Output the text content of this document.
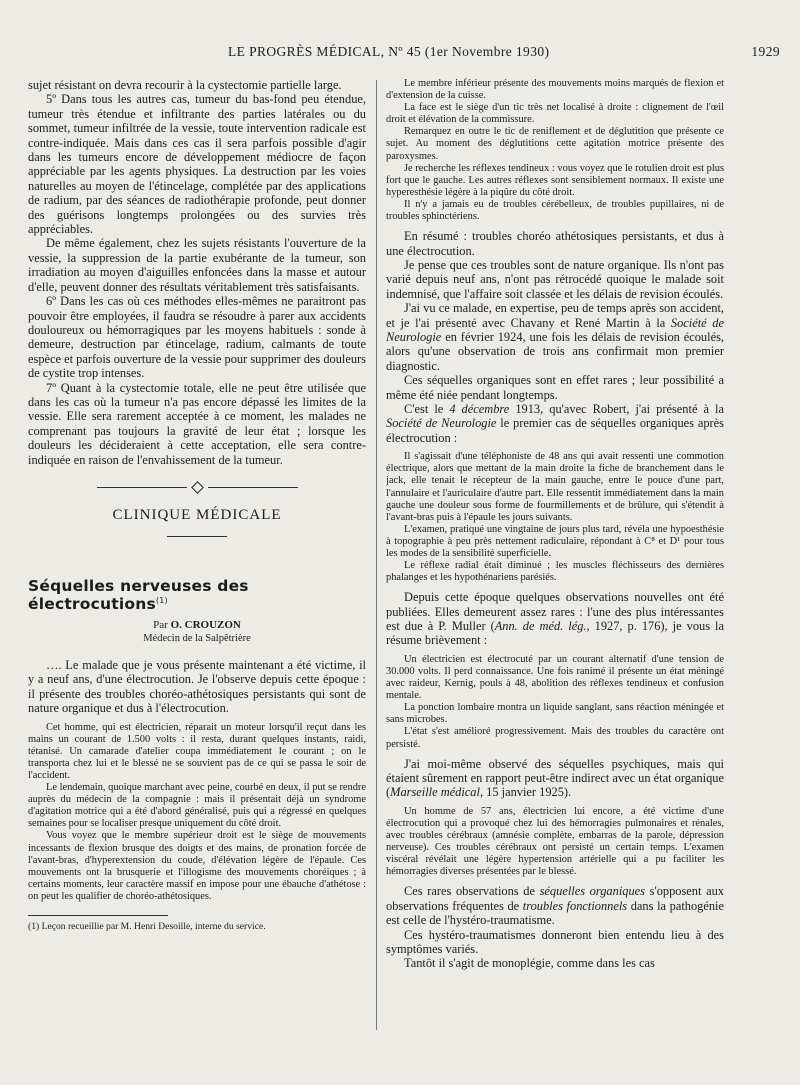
LE PROGRÈS MÉDICAL, Nº 45 (1er Novembre 1930)	1929

sujet résistant on devra recourir à la cystectomie partielle large.

5º Dans tous les autres cas, tumeur du bas-fond peu étendue, tumeur très étendue et infiltrante des parties latérales ou du sommet, tumeur infiltrée de la vessie, toute intervention radicale est contre-indiquée. Mais dans ces cas il sera parfois possible d'agir dans les tumeurs encore de développement médiocre de façon appréciable par les agents physiques. La destruction par les voies naturelles au moyen de l'étincelage, complétée par des applications de radium, par des séances de radiothérapie profonde, peut donner des guérisons longtemps prolongées ou des survies très appréciables.

De même également, chez les sujets résistants l'ouverture de la vessie, la suppression de la partie exubérante de la tumeur, son irradiation au moyen d'aiguilles enfoncées dans la masse et autour d'elle, peuvent donner des résultats véritablement très satisfaisants.

6º Dans les cas où ces méthodes elles-mêmes ne paraitront pas pouvoir être employées, il faudra se résoudre à parer aux accidents douloureux ou hémorragiques par les moyens habituels : sonde à demeure, destruction par étincelage, radium, calmants de toute espèce et parfois ouverture de la vessie pour supprimer des douleurs de cystite trop intenses.

7º Quant à la cystectomie totale, elle ne peut être utilisée que dans les cas où la tumeur n'a pas encore dépassé les limites de la vessie. Elle sera rarement acceptée à ce moment, les malades ne comprenant pas toujours la gravité de leur état ; lorsque les douleurs les décideraient à cette acceptation, elle sera contre-indiquée en raison de l'envahissement de la tumeur.

CLINIQUE MÉDICALE
Séquelles nerveuses des électrocutions$^{(1)}$
Par O. CROUZON
Médecin de la Salpêtrière

…. Le malade que je vous présente maintenant a été victime, il y a neuf ans, d'une électrocution. Je l'observe depuis cette époque : il présente des troubles choréo-athétosiques persistants qui sont de nature organique et dus à l'électrocution.

Cet homme, qui est électricien, réparait un moteur lorsqu'il reçut dans les mains un courant de 1.500 volts : il resta, durant quelques instants, raidi, tétanisé. Un camarade d'atelier coupa immédiatement le courant ; on le transporta chez lui et le blessé ne se souvient pas de ce qui se passa le soir de l'accident.

Le lendemain, quoique marchant avec peine, courbé en deux, il put se rendre auprès du médecin de la compagnie : mais il présentait déjà un syndrome d'agitation motrice qui a été d'abord généralisé, puis qui a régressé en quelques semaines pour se localiser presque uniquement du côté droit.

Vous voyez que le membre supérieur droit est le siège de mouvements incessants de flexion brusque des doigts et des mains, de pronation forcée de l'avant-bras, d'hyperextension du coude, d'élévation légère de l'épaule. Ces mouvements ont la brusquerie et l'illogisme des mouvements choréiques ; à certains moments, leur caractère massif en impose pour une ébauche d'athétose : on peut les qualifier de choréo-athétosiques.

(1) Leçon recueillie par M. Henri Desoille, interne du service.

Le membre inférieur présente des mouvements moins marqués de flexion et d'extension de la cuisse.

La face est le siège d'un tic très net localisé à droite : clignement de l'œil droit et élévation de la commissure.

Remarquez en outre le tic de reniflement et de déglutition que présente ce sujet. Au moment des déglutitions cette agitation motrice présente des paroxysmes.

Je recherche les réflexes tendineux : vous voyez que le rotulien droit est plus fort que le gauche. Les autres réflexes sont sensiblement normaux. Il existe une hyperesthésie légère à la piqûre du côté droit.

Il n'y a jamais eu de troubles cérébelleux, de troubles pupillaires, ni de troubles sphinctériens.

En résumé : troubles choréo athétosiques persistants, et dus à une électrocution.

Je pense que ces troubles sont de nature organique. Ils n'ont pas varié depuis neuf ans, n'ont pas rétrocédé quoique le malade soit indemnisé, que l'affaire soit classée et les délais de revision écoulés.

J'ai vu ce malade, en expertise, peu de temps après son accident, et je l'ai présenté avec Chavany et René Martin à la Société de Neurologie en février 1924, une fois les délais de revision écoulés, alors qu'une observation de trois ans confirmait mon premier diagnostic.

Ces séquelles organiques sont en effet rares ; leur possibilité a même été niée pendant longtemps.

C'est le 4 décembre 1913, qu'avec Robert, j'ai présenté à la Société de Neurologie le premier cas de séquelles organiques après électrocution :

Il s'agissait d'une téléphoniste de 48 ans qui avait ressenti une commotion électrique, alors que mettant de la main droite la fiche de branchement dans le jack, elle tenait le récepteur de la main gauche, entre le pouce d'une part, l'annulaire et l'auriculaire d'autre part. Elle ressentit immédiatement dans la main gauche une douleur sous forme de fourmillements et de brûlure, qui s'étendit à l'avant-bras puis à l'épaule les jours suivants.

L'examen, pratiqué une vingtaine de jours plus tard, révéla une hypoesthésie à topographie à peu près nettement radiculaire, répondant à C⁸ et D¹ pour tous les modes de la sensibilité superficielle.

Le réflexe radial était diminué ; les muscles fléchisseurs des dernières phalanges et les hypothénariens parésiés.

Depuis cette époque quelques observations nouvelles ont été publiées. Elles demeurent assez rares : l'une des plus intéressantes est due à P. Muller (Ann. de méd. lég., 1927, p. 176), je vous la résume brièvement :

Un électricien est électrocuté par un courant alternatif d'une tension de 30.000 volts. Il perd connaissance. Une fois ranimé il présente un état méningé avec raideur, Kernig, pouls à 48, abolition des réflexes tendineux et confusion mentale.

La ponction lombaire montra un liquide sanglant, sans réaction méningée et sans microbes.

L'état s'est amélioré progressivement. Mais des troubles du caractère ont persisté.

J'ai moi-même observé des séquelles psychiques, mais qui étaient sûrement en rapport peut-être indirect avec un état organique (Marseille médical, 15 janvier 1925).

Un homme de 57 ans, électricien lui encore, a été victime d'une électrocution qui a provoqué chez lui des hémorragies pulmonaires et rénales, avec troubles cérébraux (amnésie complète, embarras de la parole, dépression nerveuse). Ces troubles cérébraux ont persisté un certain temps. L'examen viscéral révélait une légère hypertension artérielle qui a pu faciliter les hémorragies diverses présentées par le blessé.

Ces rares observations de séquelles organiques s'opposent aux observations fréquentes de troubles fonctionnels dans la pathogénie est celle de l'hystéro-traumatisme.

Ces hystéro-traumatismes donneront bien entendu lieu à des symptômes variés.

Tantôt il s'agit de monoplégie, comme dans les cas
